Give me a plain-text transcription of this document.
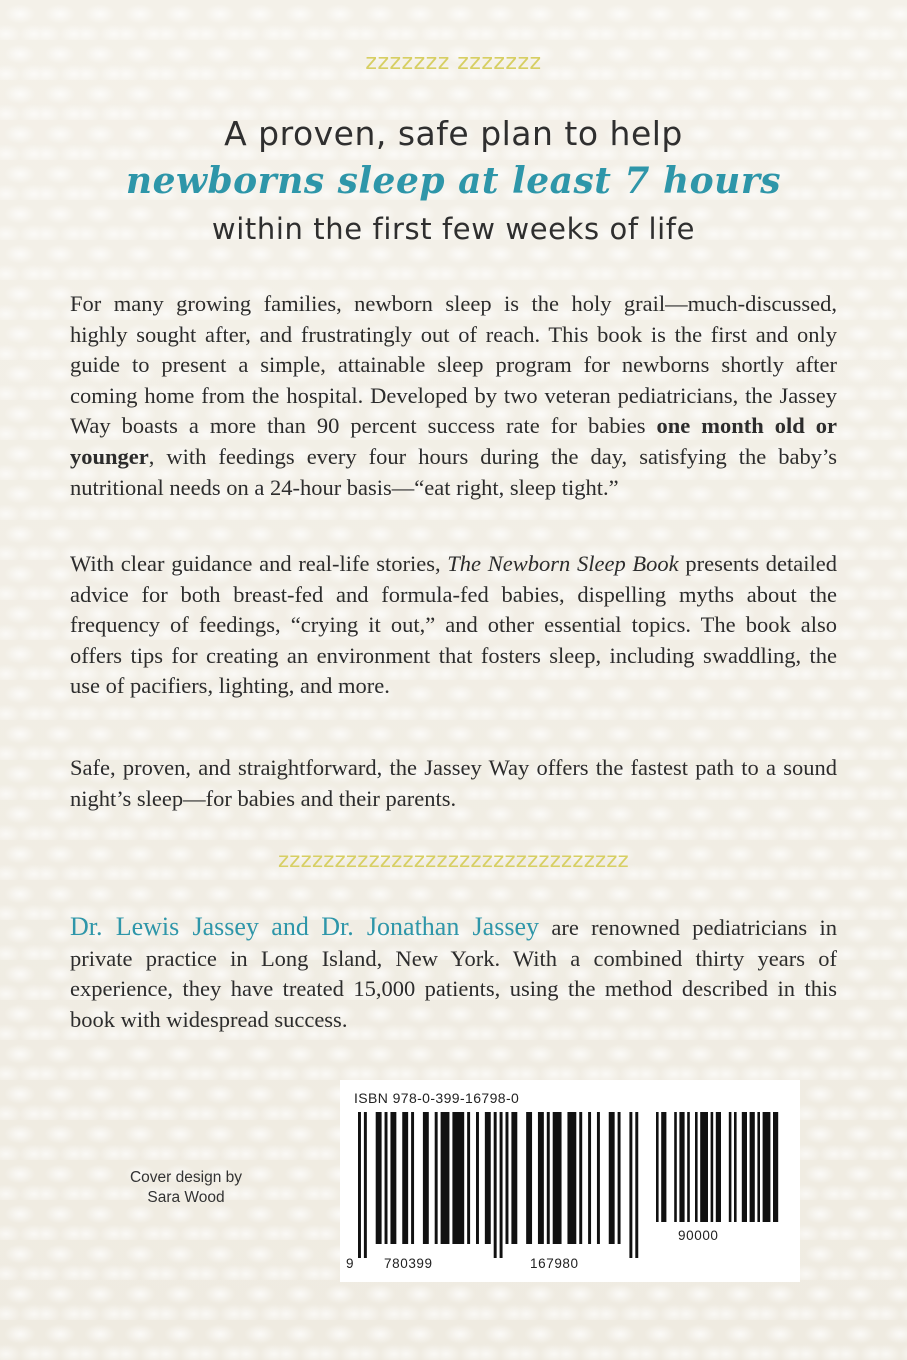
zzzzzzz zzzzzzz
A proven, safe plan to help
newborns sleep at least 7 hours
within the first few weeks of life

For many growing families, newborn sleep is the holy grail—much-discussed, highly sought after, and frustratingly out of reach. This book is the first and only guide to present a simple, attainable sleep program for newborns shortly after coming home from the hospital. Developed by two veteran pediatricians, the Jassey Way boasts a more than 90 percent success rate for babies one month old or younger, with feedings every four hours during the day, satisfying the baby’s nutritional needs on a 24-hour basis—“eat right, sleep tight.”

With clear guidance and real-life stories, The Newborn Sleep Book presents detailed advice for both breast-fed and formula-fed babies, dispelling myths about the frequency of feedings, “crying it out,” and other essential topics. The book also offers tips for creating an environment that fosters sleep, including swaddling, the use of pacifiers, lighting, and more.

Safe, proven, and straightforward, the Jassey Way offers the fastest path to a sound night’s sleep—for babies and their parents.

zzzzzzzzzzzzzzzzzzzzzzzzzzzzzzz

Dr. Lewis Jassey and Dr. Jonathan Jassey are renowned pediatricians in private practice in Long Island, New York. With a combined thirty years of experience, they have treated 15,000 patients, using the method described in this book with widespread success.

Cover design by
Sara Wood
ISBN 978-0-399-16798-0
9 780399	167980
90000
